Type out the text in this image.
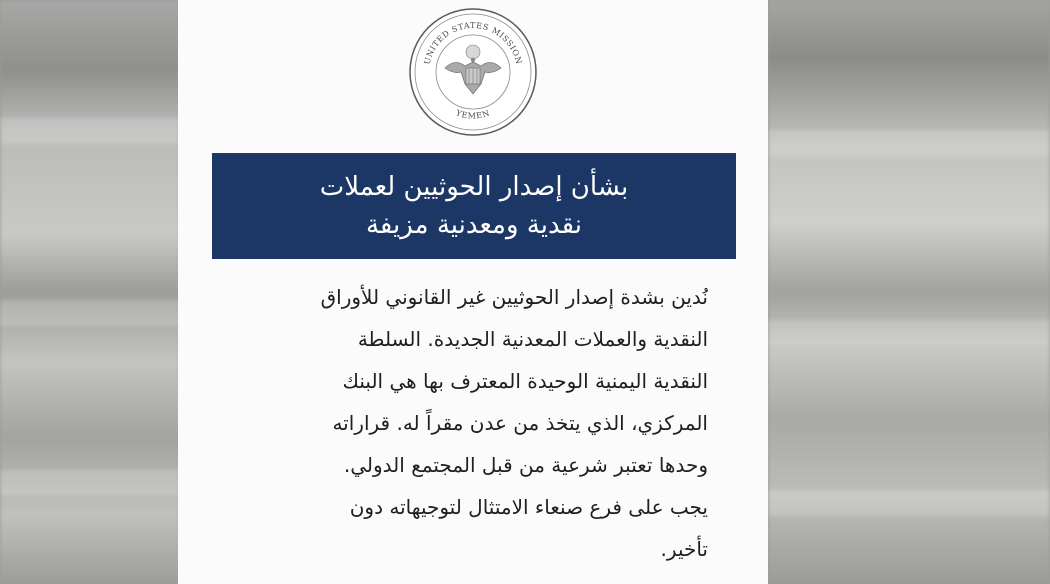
UNITED STATES MISSION
YEMEN
بشأن إصدار الحوثيين لعملات
نقدية ومعدنية مزيفة
نُدين بشدة إصدار الحوثيين غير القانوني للأوراق
النقدية والعملات المعدنية الجديدة. السلطة
النقدية اليمنية الوحيدة المعترف بها هي البنك
المركزي، الذي يتخذ من عدن مقراً له. قراراته
وحدها تعتبر شرعية من قبل المجتمع الدولي.
يجب على فرع صنعاء الامتثال لتوجيهاته دون
تأخير.
